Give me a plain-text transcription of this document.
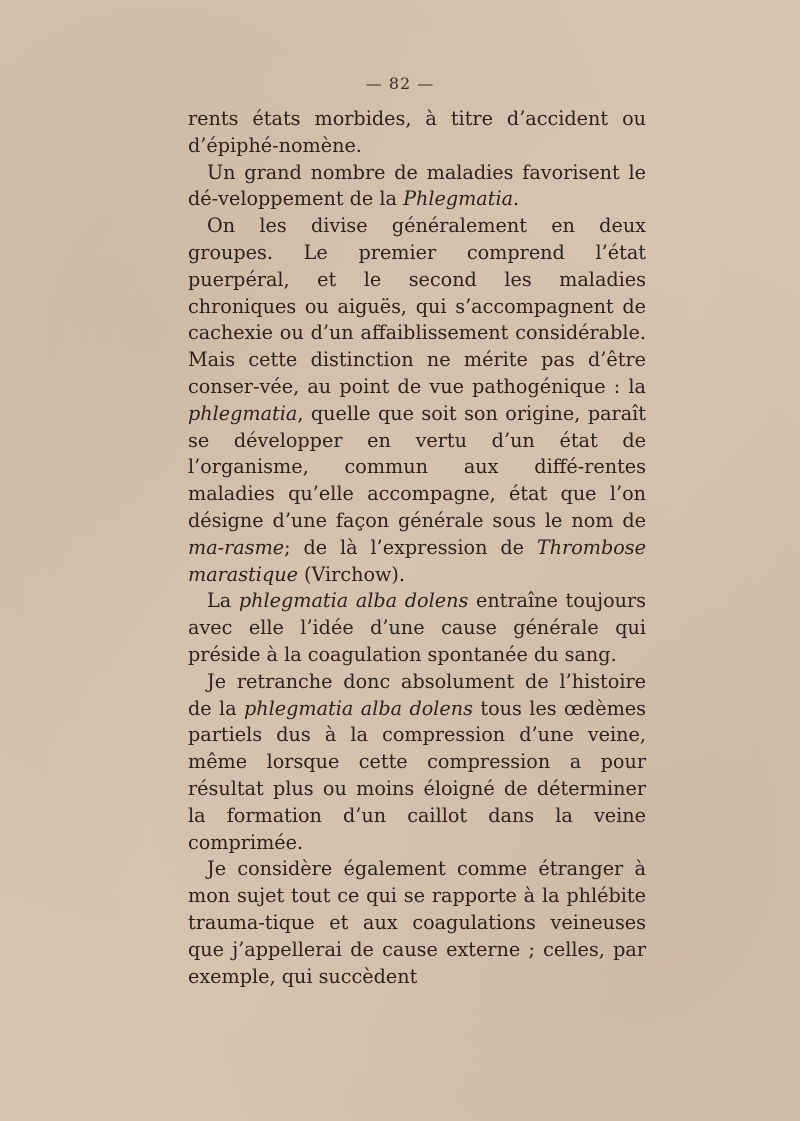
— 82 —

rents états morbides, à titre d’accident ou d’épiphé-nomène.

Un grand nombre de maladies favorisent le dé-veloppement de la Phlegmatia.

On les divise généralement en deux groupes. Le premier comprend l’état puerpéral, et le second les maladies chroniques ou aiguës, qui s’accompagnent de cachexie ou d’un affaiblissement considérable. Mais cette distinction ne mérite pas d’être conser-vée, au point de vue pathogénique : la phlegmatia, quelle que soit son origine, paraît se développer en vertu d’un état de l’organisme, commun aux diffé-rentes maladies qu’elle accompagne, état que l’on désigne d’une façon générale sous le nom de ma-rasme; de là l’expression de Thrombose marastique (Virchow).

La phlegmatia alba dolens entraîne toujours avec elle l’idée d’une cause générale qui préside à la coagulation spontanée du sang.

Je retranche donc absolument de l’histoire de la phlegmatia alba dolens tous les œdèmes partiels dus à la compression d’une veine, même lorsque cette compression a pour résultat plus ou moins éloigné de déterminer la formation d’un caillot dans la veine comprimée.

Je considère également comme étranger à mon sujet tout ce qui se rapporte à la phlébite trauma-tique et aux coagulations veineuses que j’appellerai de cause externe ; celles, par exemple, qui succèdent
